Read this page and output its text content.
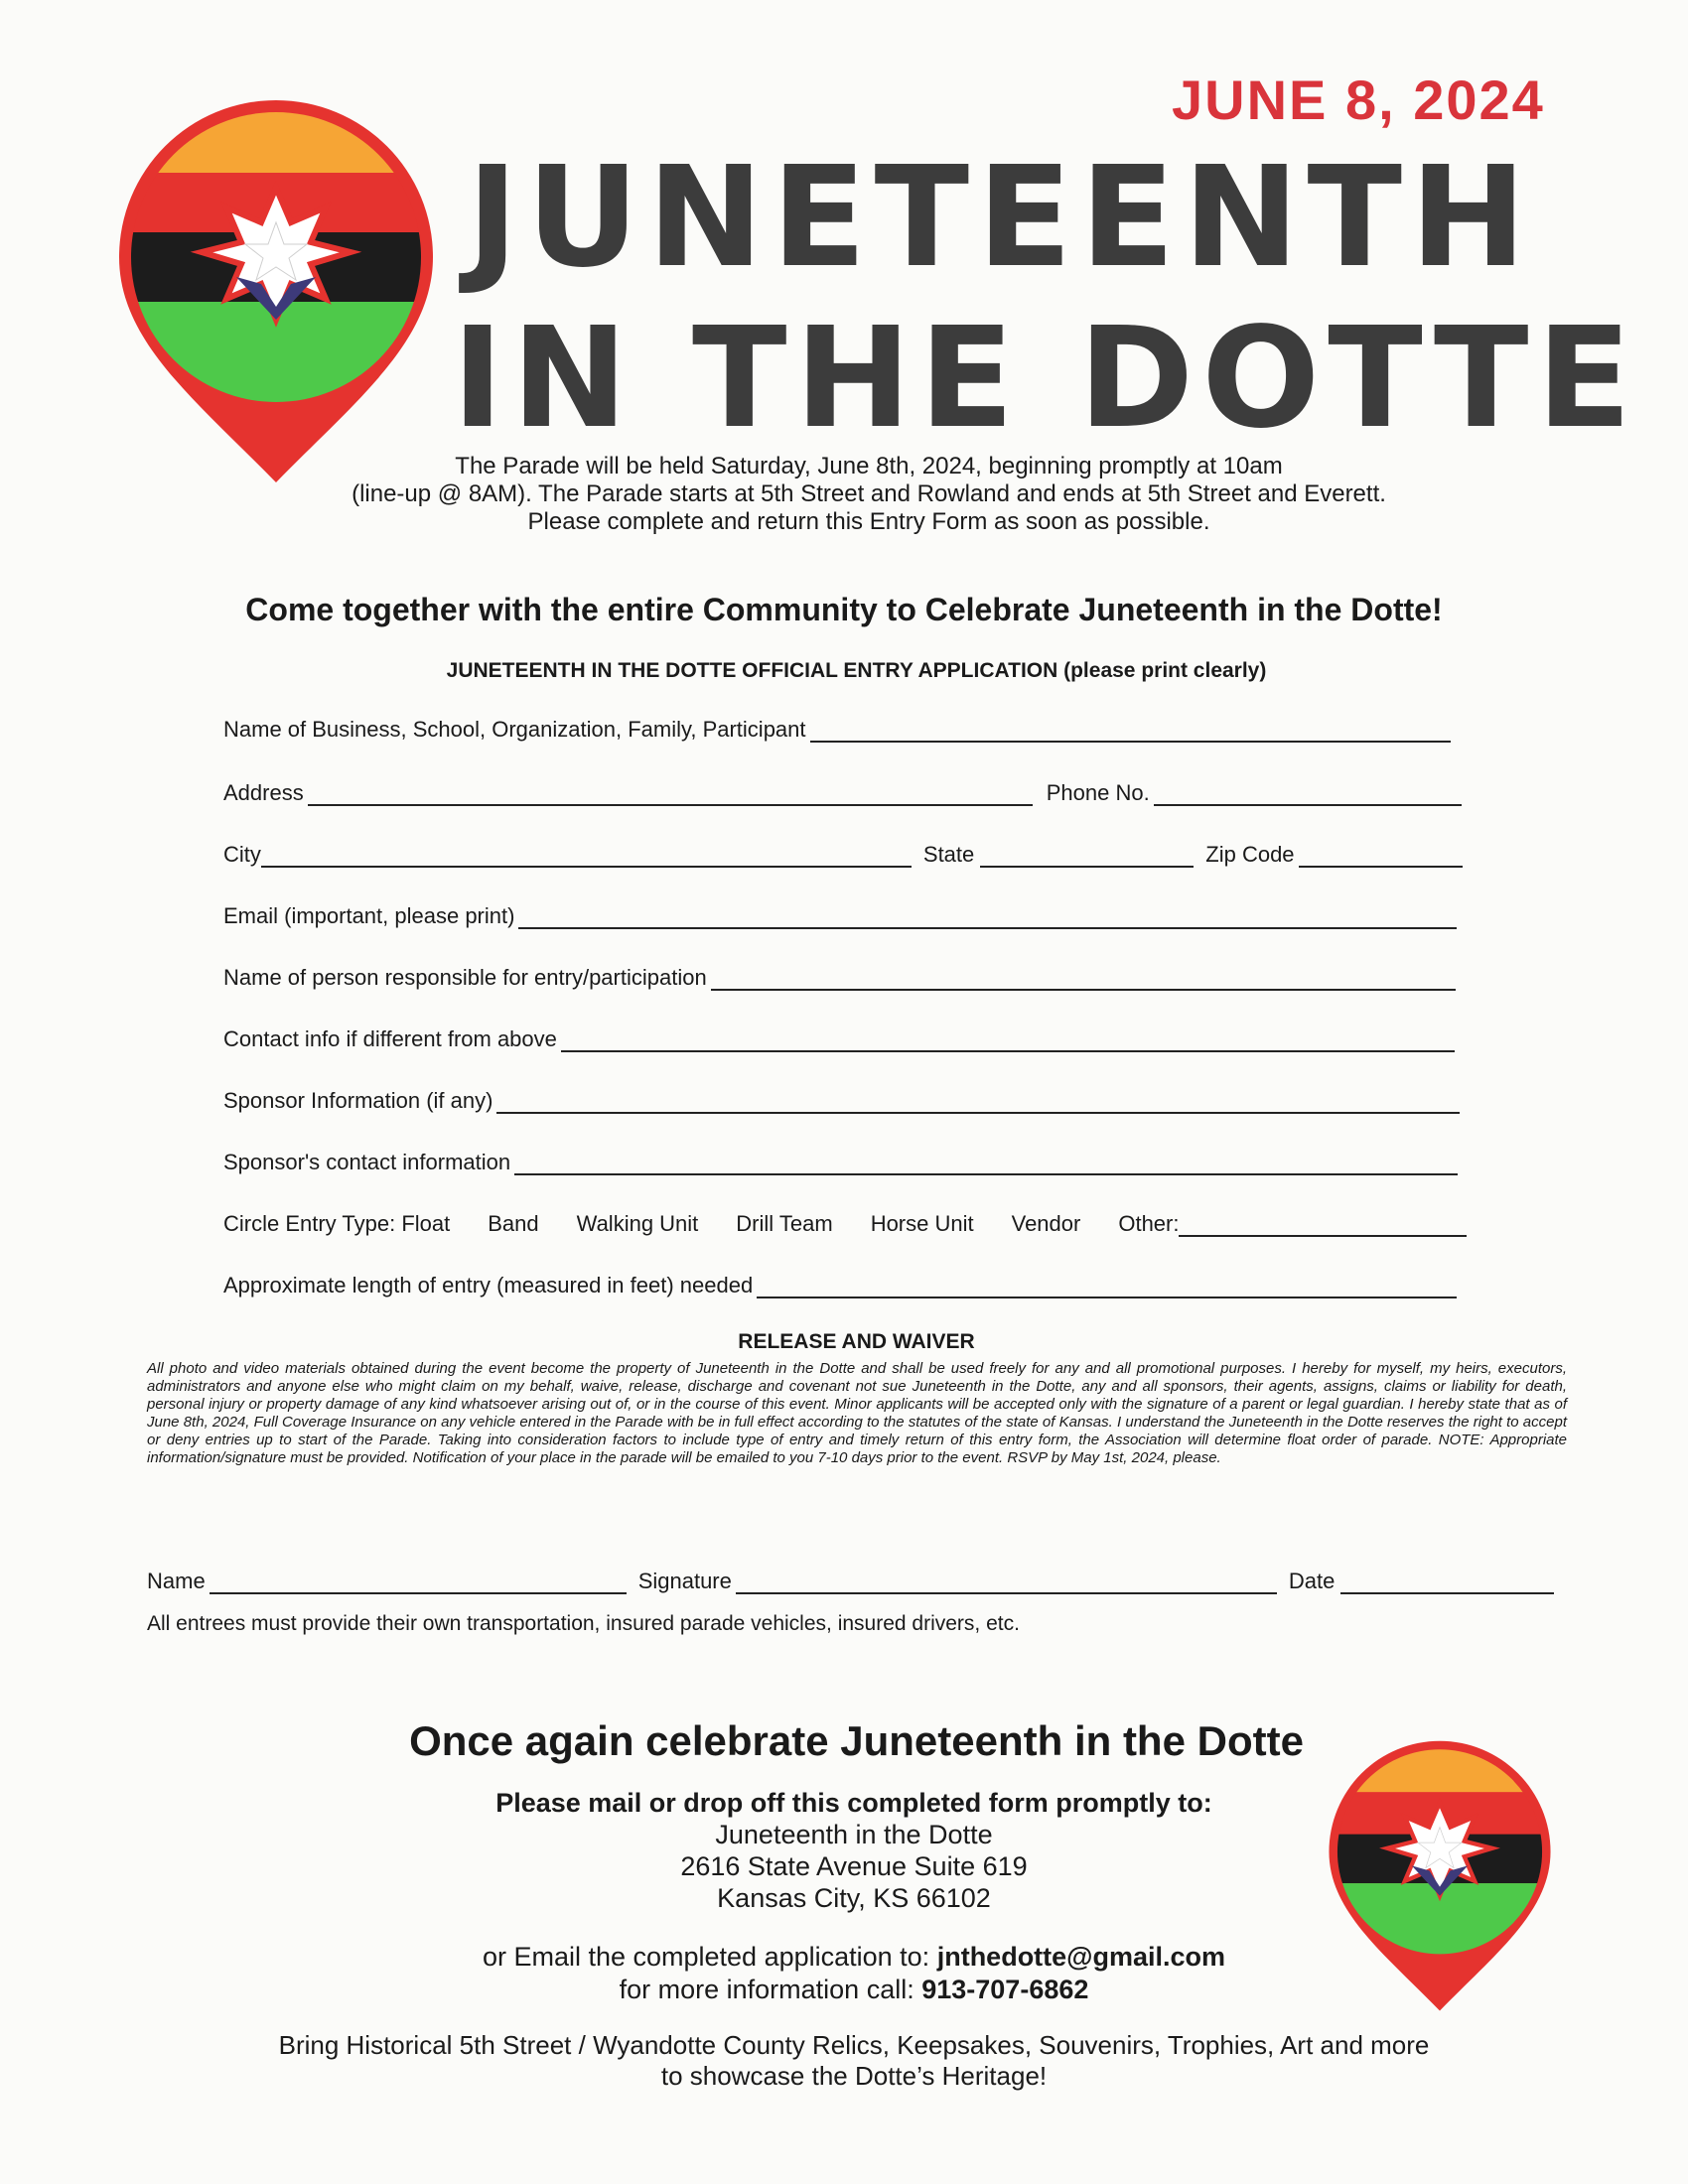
JUNE 8, 2024
JUNETEENTH
IN THE DOTTE
The Parade will be held Saturday, June 8th, 2024, beginning promptly at 10am
(line-up @ 8AM). The Parade starts at 5th Street and Rowland and ends at 5th Street and Everett.
Please complete and return this Entry Form as soon as possible.
Come together with the entire Community to Celebrate Juneteenth in the Dotte!
JUNETEENTH IN THE DOTTE OFFICIAL ENTRY APPLICATION (please print clearly)
Name of Business, School, Organization, Family, Participant
Address	Phone No.
City	State	Zip Code
Email (important, please print)
Name of person responsible for entry/participation
Contact info if different from above
Sponsor Information (if any)
Sponsor's contact information
Circle Entry Type: Float Band Walking Unit Drill Team Horse Unit Vendor Other:
Approximate length of entry (measured in feet) needed
RELEASE AND WAIVER
All photo and video materials obtained during the event become the property of Juneteenth in the Dotte and shall be used freely for any and all promotional purposes. I hereby for myself, my heirs, executors, administrators and anyone else who might claim on my behalf, waive, release, discharge and covenant not sue Juneteenth in the Dotte, any and all sponsors, their agents, assigns, claims or liability for death, personal injury or property damage of any kind whatsoever arising out of, or in the course of this event. Minor applicants will be accepted only with the signature of a parent or legal guardian. I hereby state that as of June 8th, 2024, Full Coverage Insurance on any vehicle entered in the Parade with be in full effect according to the statutes of the state of Kansas. I understand the Juneteenth in the Dotte reserves the right to accept or deny entries up to start of the Parade. Taking into consideration factors to include type of entry and timely return of this entry form, the Association will determine float order of parade. NOTE: Appropriate information/signature must be provided. Notification of your place in the parade will be emailed to you 7-10 days prior to the event. RSVP by May 1st, 2024, please.
Name	Signature	Date
All entrees must provide their own transportation, insured parade vehicles, insured drivers, etc.
Once again celebrate Juneteenth in the Dotte
Please mail or drop off this completed form promptly to:
Juneteenth in the Dotte
2616 State Avenue Suite 619
Kansas City, KS 66102
or Email the completed application to: jnthedotte@gmail.com
for more information call: 913-707-6862
Bring Historical 5th Street / Wyandotte County Relics, Keepsakes, Souvenirs, Trophies, Art and more
to showcase the Dotte’s Heritage!
